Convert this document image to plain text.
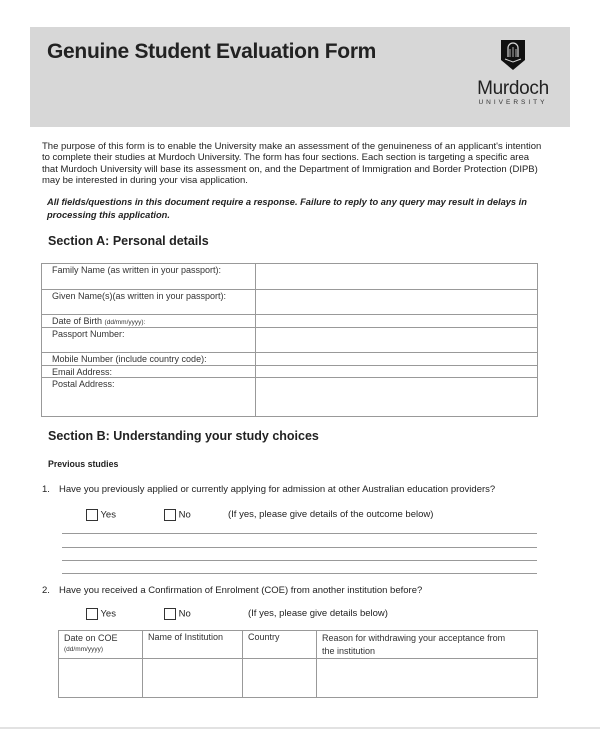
Genuine Student Evaluation Form
Murdoch
UNIVERSITY
The purpose of this form is to enable the University make an assessment of the genuineness of an applicant's intention
to complete their studies at Murdoch University. The form has four sections. Each section is targeting a specific area
that Murdoch University will base its assessment on, and the Department of Immigration and Border Protection (DIPB)
may be interested in during your visa application.
All fields/questions in this document require a response. Failure to reply to any query may result in delays in
processing this application.
Section A: Personal details
Family Name (as written in your passport):	
Given Name(s)(as written in your passport):	
Date of Birth (dd/mm/yyyy):	
Passport Number:	
Mobile Number (include country code):	
Email Address:	
Postal Address:	
Section B: Understanding your study choices
Previous studies
1. Have you previously applied or currently applying for admission at other Australian education providers?
Yes	No	(If yes, please give details of the outcome below)
2. Have you received a Confirmation of Enrolment (COE) from another institution before?
Yes	No	(If yes, please give details below)
Date on COE
(dd/mm/yyyy)	Name of Institution	Country	Reason for withdrawing your acceptance from the institution
